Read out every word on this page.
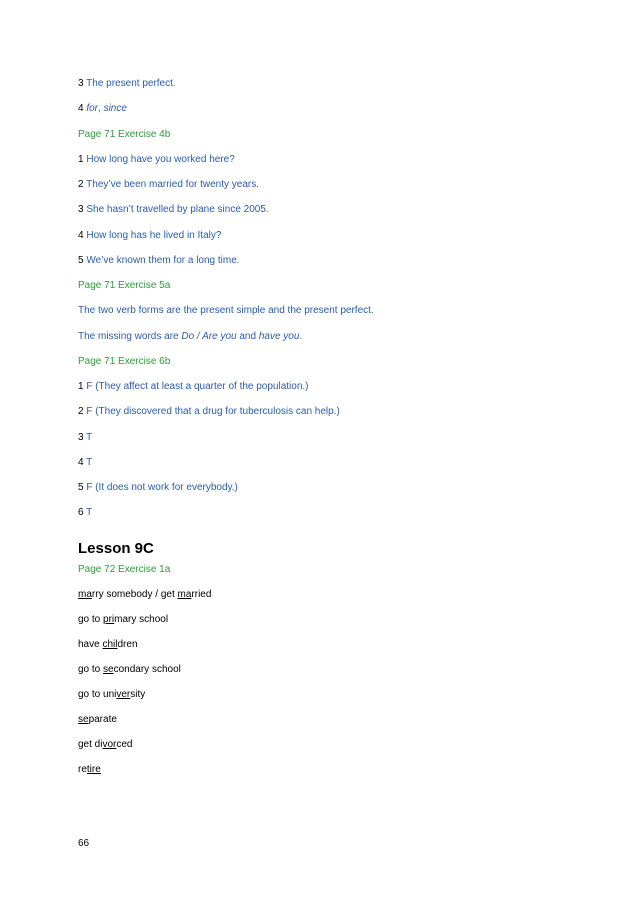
3 The present perfect.
4 for, since
Page 71 Exercise 4b
1 How long have you worked here?
2 They’ve been married for twenty years.
3 She hasn’t travelled by plane since 2005.
4 How long has he lived in Italy?
5 We’ve known them for a long time.
Page 71 Exercise 5a
The two verb forms are the present simple and the present perfect.
The missing words are Do / Are you and have you.
Page 71 Exercise 6b
1 F (They affect at least a quarter of the population.)
2 F (They discovered that a drug for tuberculosis can help.)
3 T
4 T
5 F (It does not work for everybody.)
6 T
Lesson 9C
Page 72 Exercise 1a
marry somebody / get married
go to primary school
have children
go to secondary school
go to university
separate
get divorced
retire
66
